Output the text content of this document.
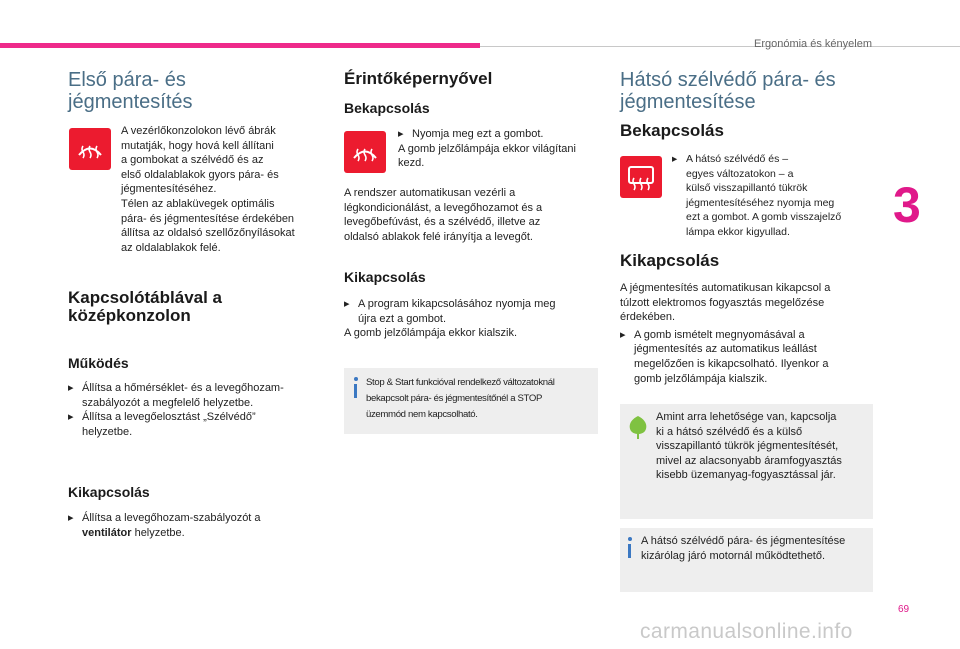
Ergonómia és kényelem
3
69
carmanualsonline.info
Első pára- és
jégmentesítés
A vezérlőkonzolokon lévő ábrák
mutatják, hogy hová kell állítani
a gombokat a szélvédő és az
első oldalablakok gyors pára- és
jégmentesítéséhez.
Télen az ablaküvegek optimális
pára- és jégmentesítése érdekében
állítsa az oldalsó szellőzőnyílásokat
az oldalablakok felé.
Kapcsolótáblával a
középkonzolon
Működés
▸ Állítsa a hőmérséklet- és a levegőhozam-
szabályozót a megfelelő helyzetbe.
▸ Állítsa a levegőelosztást „Szélvédő”
helyzetbe.
Kikapcsolás
▸ Állítsa a levegőhozam-szabályozót a
ventilátor helyzetbe.
Érintőképernyővel
Bekapcsolás
▸ Nyomja meg ezt a gombot.
A gomb jelzőlámpája ekkor világítani
kezd.
A rendszer automatikusan vezérli a
légkondicionálást, a levegőhozamot és a
levegőbefúvást, és a szélvédő, illetve az
oldalsó ablakok felé irányítja a levegőt.
Kikapcsolás
▸ A program kikapcsolásához nyomja meg
újra ezt a gombot.
A gomb jelzőlámpája ekkor kialszik.
Stop & Start funkcióval rendelkező változatoknál
bekapcsolt pára- és jégmentesítőnél a STOP
üzemmód nem kapcsolható.
Hátsó szélvédő pára- és
jégmentesítése
Bekapcsolás
▸ A hátsó szélvédő és –
egyes változatokon – a
külső visszapillantó tükrök
jégmentesítéséhez nyomja meg
ezt a gombot. A gomb visszajelző
lámpa ekkor kigyullad.
Kikapcsolás
A jégmentesítés automatikusan kikapcsol a
túlzott elektromos fogyasztás megelőzése
érdekében.
▸ A gomb ismételt megnyomásával a
jégmentesítés az automatikus leállást
megelőzően is kikapcsolható. Ilyenkor a
gomb jelzőlámpája kialszik.
Amint arra lehetősége van, kapcsolja
ki a hátsó szélvédő és a külső
visszapillantó tükrök jégmentesítését,
mivel az alacsonyabb áramfogyasztás
kisebb üzemanyag-fogyasztással jár.
A hátsó szélvédő pára- és jégmentesítése
kizárólag járó motornál működtethető.
